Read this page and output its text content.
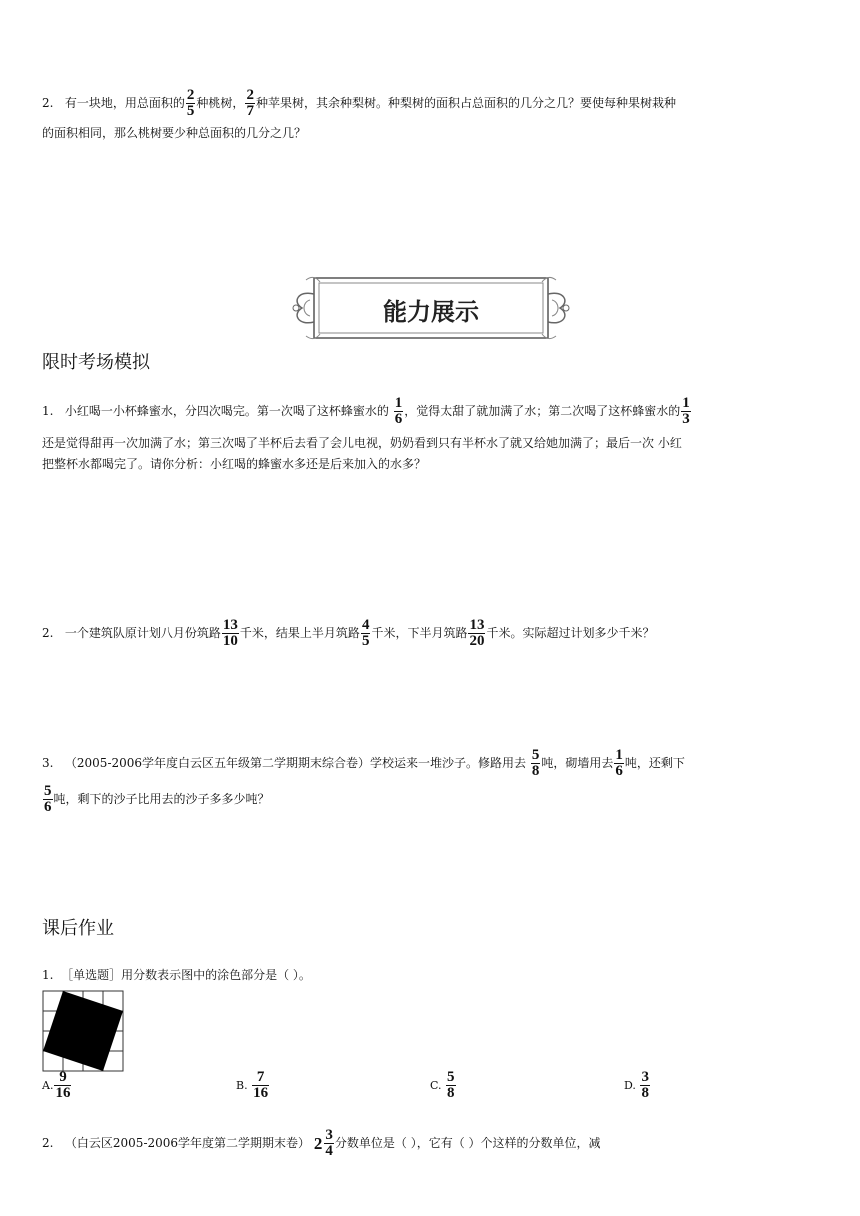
2. 有一块地，用总面积的 $\frac{2}{5}$ 种桃树， $\frac{2}{7}$ 种苹果树，其余种梨树。种梨树的面积占总面积的几分之几？要使每种果树栽种
的面积相同，那么桃树要少种总面积的几分之几？
能力展示
限时考场模拟
1. 小红喝一小杯蜂蜜水，分四次喝完。第一次喝了这杯蜂蜜水的 $\frac{1}{6}$ ，觉得太甜了就加满了水；第二次喝了这杯蜂蜜水的 $\frac{1}{3}$
还是觉得甜再一次加满了水；第三次喝了半杯后去看了会儿电视，奶奶看到只有半杯水了就又给她加满了；最后一次 小红
把整杯水都喝完了。请你分析：小红喝的蜂蜜水多还是后来加入的水多？
2. 一个建筑队原计划八月份筑路 $\frac{13}{10}$ 千米，结果上半月筑路 $\frac{4}{5}$ 千米，下半月筑路 $\frac{13}{20}$ 千米。实际超过计划多少千米？
3. （2005-2006学年度白云区五年级第二学期期末综合卷）学校运来一堆沙子。修路用去 $\frac{5}{8}$ 吨，砌墙用去 $\frac{1}{6}$ 吨，还剩下
$\frac{5}{6}$ 吨，剩下的沙子比用去的沙子多多少吨？
课后作业
1. ［单选题］用分数表示图中的涂色部分是（ ）。
A. $\frac{9}{16}$	B. $\frac{7}{16}$	C. $\frac{5}{8}$	D. $\frac{3}{8}$
2. （白云区2005-2006学年度第二学期期末卷） $2 \frac{3}{4}$ 分数单位是（ ），它有（ ）个这样的分数单位，减
